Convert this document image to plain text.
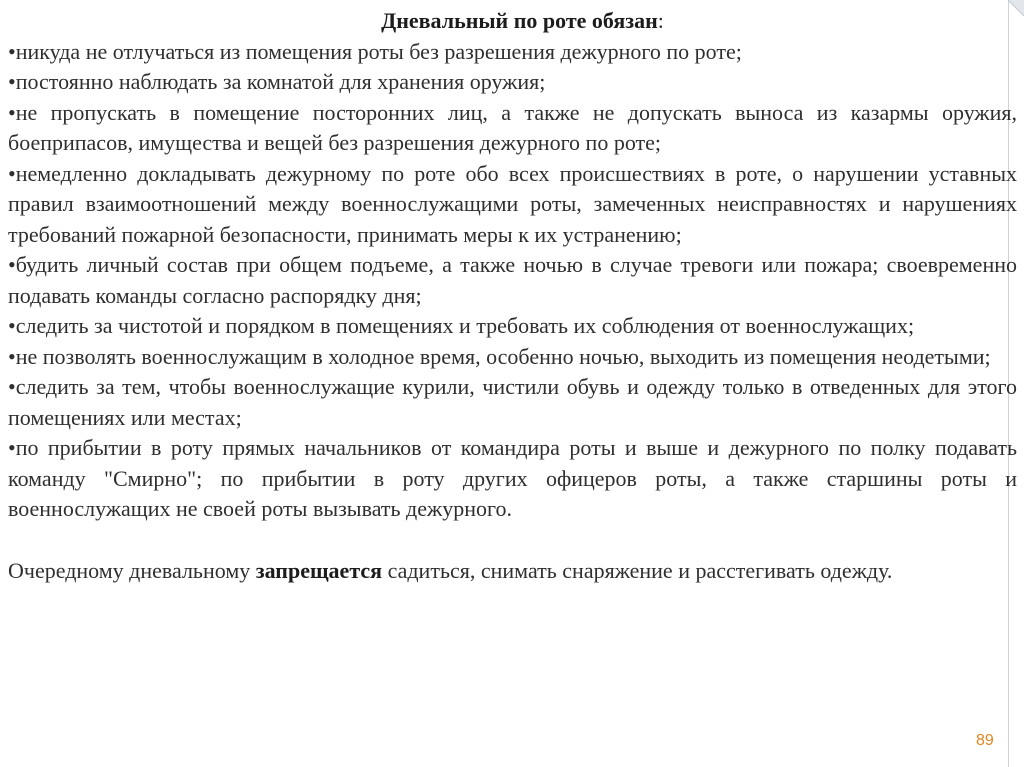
Дневальный по роте обязан:

•никуда не отлучаться из помещения роты без разрешения дежурного по роте;

•постоянно наблюдать за комнатой для хранения оружия;

•не пропускать в помещение посторонних лиц, а также не допускать выноса из казармы оружия, боеприпасов, имущества и вещей без разрешения дежурного по роте;

•немедленно докладывать дежурному по роте обо всех происшествиях в роте, о нарушении уставных правил взаимоотношений между военнослужащими роты, замеченных неисправностях и нарушениях требований пожарной безопасности, принимать меры к их устранению;

•будить личный состав при общем подъеме, а также ночью в случае тревоги или пожара; своевременно подавать команды согласно распорядку дня;

•следить за чистотой и порядком в помещениях и требовать их соблюдения от военнослужащих;

•не позволять военнослужащим в холодное время, особенно ночью, выходить из помещения неодетыми;

•следить за тем, чтобы военнослужащие курили, чистили обувь и одежду только в отведенных для этого помещениях или местах;

•по прибытии в роту прямых начальников от командира роты и выше и дежурного по полку подавать команду "Смирно"; по прибытии в роту других офицеров роты, а также старшины роты и военнослужащих не своей роты вызывать дежурного.

Очередному дневальному запрещается садиться, снимать снаряжение и расстегивать одежду.

89
